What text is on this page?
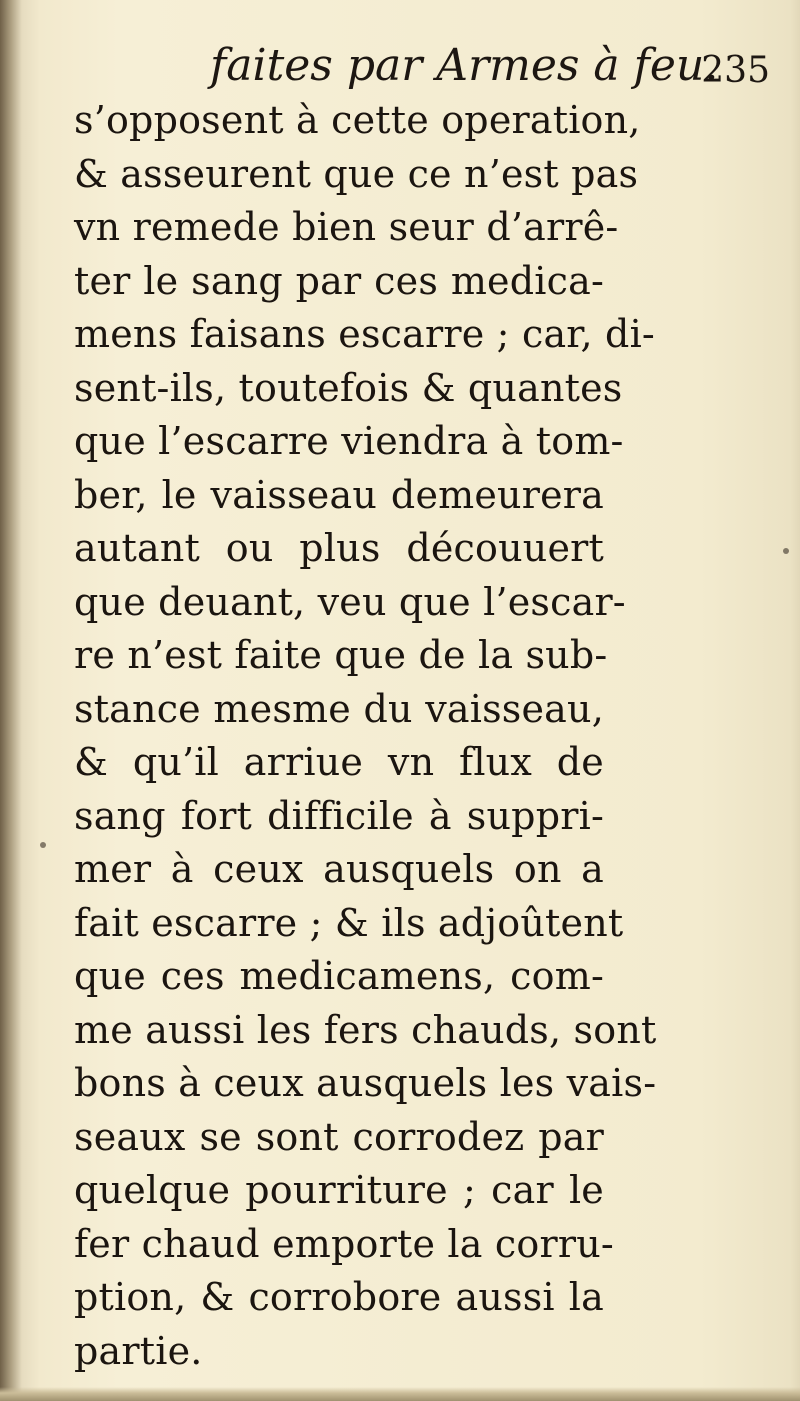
faites par Armes à feu.
235
s’opposent à cette operation,
& asseurent que ce n’est pas
vn remede bien seur d’arrê-
ter le sang par ces medica-
mens faisans escarre ; car, di-
sent-ils, toutefois & quantes
que l’escarre viendra à tom-
ber, le vaisseau demeurera
autant ou plus découuert
que deuant, veu que l’escar-
re n’est faite que de la sub-
stance mesme du vaisseau,
& qu’il arriue vn flux de
sang fort difficile à suppri-
mer à ceux ausquels on a
fait escarre ; & ils adjoûtent
que ces medicamens, com-
me aussi les fers chauds, sont
bons à ceux ausquels les vais-
seaux se sont corrodez par
quelque pourriture ; car le
fer chaud emporte la corru-
ption, & corrobore aussi la
partie.
